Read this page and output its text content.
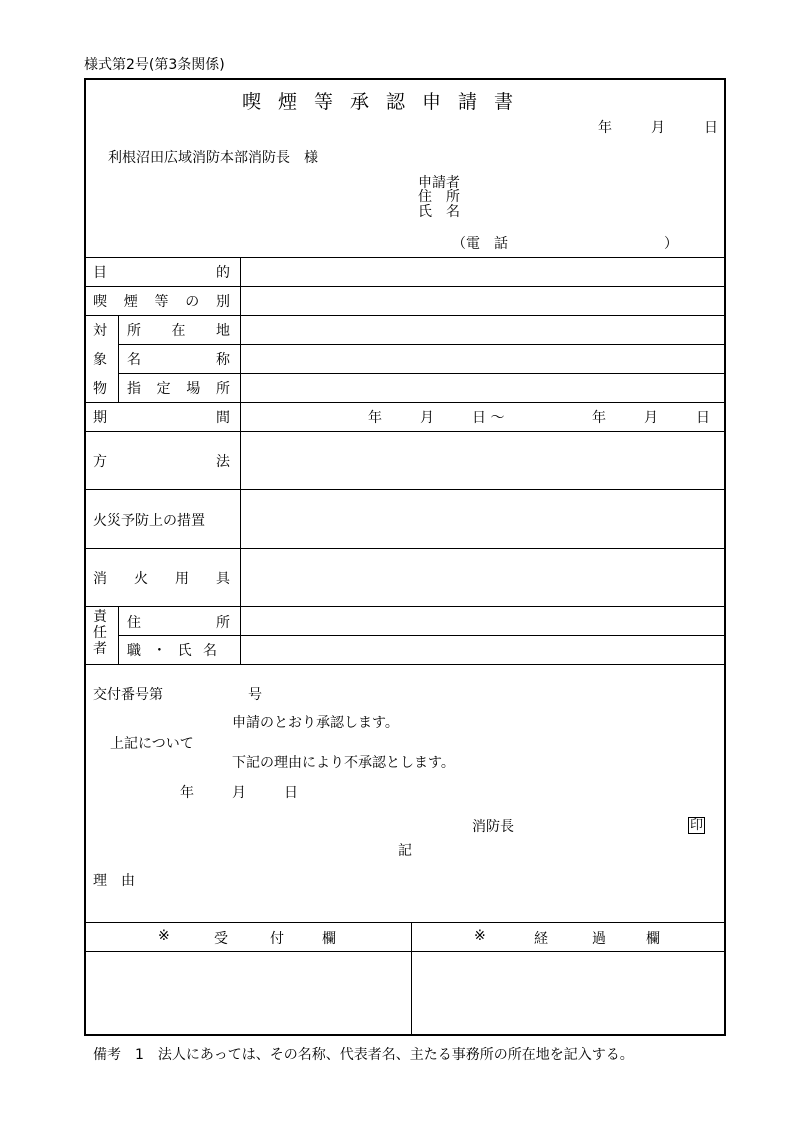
様式第2号(第3条関係)
喫煙等承認申請書
年	月	日
利根沼田広域消防本部消防長　様
申請者
住　所
氏　名
（電　話	）
目	的
喫 煙 等 の 別
対
象
物
所 在 地
名	称
指 定 場 所
期	間	年	月	日 ～	年	月	日
方	法
火災予防上の措置
消 火 用 具
責
任
者
住	所
職 ・ 氏 名
交付番号第	号
申請のとおり承認します。
上記について
下記の理由により不承認とします。
年	月	日
消防長	印
記
理　由
※	受	付	欄	※	経	過	欄
備考　1　法人にあっては、その名称、代表者名、主たる事務所の所在地を記入する。
